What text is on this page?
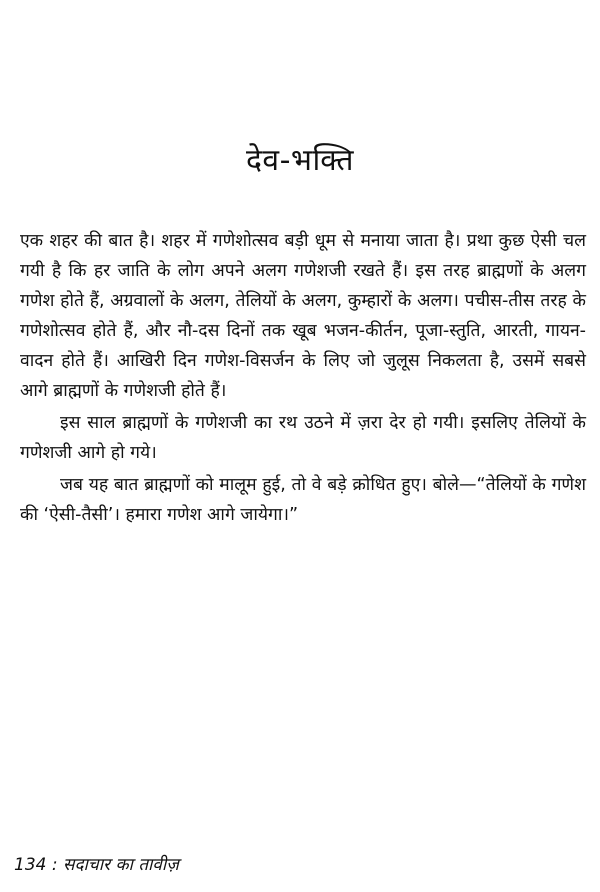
देव-भक्ति

एक शहर की बात है। शहर में गणेशोत्सव बड़ी धूम से मनाया जाता है। प्रथा कुछ ऐसी चल गयी है कि हर जाति के लोग अपने अलग गणेशजी रखते हैं। इस तरह ब्राह्मणों के अलग गणेश होते हैं, अग्रवालों के अलग, तेलियों के अलग, कुम्हारों के अलग। पचीस-तीस तरह के गणेशोत्सव होते हैं, और नौ-दस दिनों तक खूब भजन-कीर्तन, पूजा-स्तुति, आरती, गायन-वादन होते हैं। आखिरी दिन गणेश-विसर्जन के लिए जो जुलूस निकलता है, उसमें सबसे आगे ब्राह्मणों के गणेशजी होते हैं।

इस साल ब्राह्मणों के गणेशजी का रथ उठने में ज़रा देर हो गयी। इसलिए तेलियों के गणेशजी आगे हो गये।

जब यह बात ब्राह्मणों को मालूम हुई, तो वे बड़े क्रोधित हुए। बोले—“तेलियों के गणेश की ‘ऐसी-तैसी’। हमारा गणेश आगे जायेगा।”

134 : सदाचार का तावीज़
